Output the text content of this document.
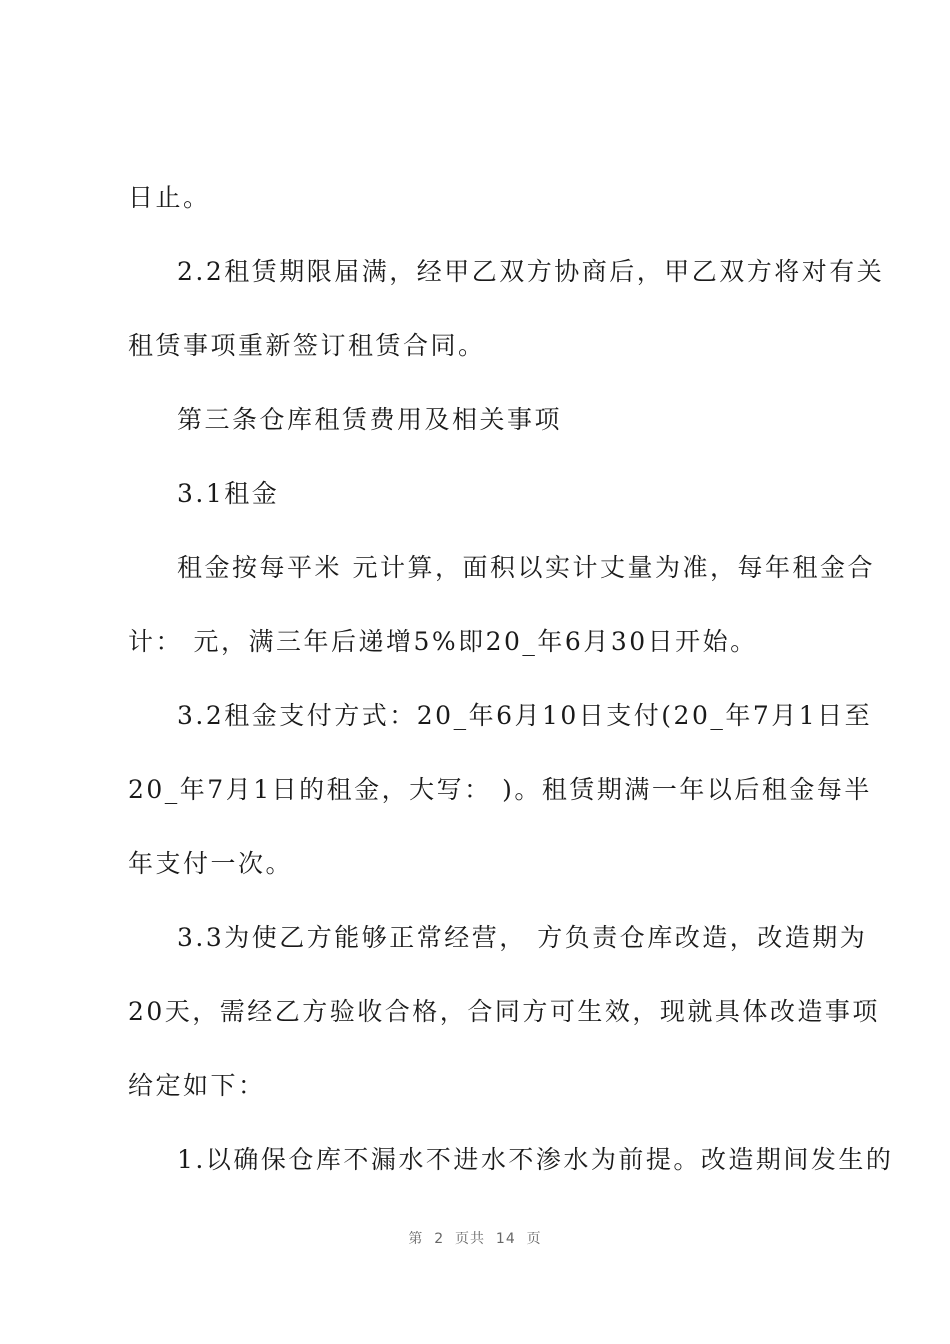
日止。
2.2租赁期限届满，经甲乙双方协商后，甲乙双方将对有关
租赁事项重新签订租赁合同。
第三条仓库租赁费用及相关事项
3.1租金
租金按每平米 元计算，面积以实计丈量为准，每年租金合
计： 元，满三年后递增5%即20_年6月30日开始。
3.2租金支付方式：20_年6月10日支付(20_年7月1日至
20_年7月1日的租金，大写： )。租赁期满一年以后租金每半
年支付一次。
3.3为使乙方能够正常经营， 方负责仓库改造，改造期为
20天，需经乙方验收合格，合同方可生效，现就具体改造事项
给定如下：
1.以确保仓库不漏水不进水不渗水为前提。改造期间发生的
第  2  页共  14  页
